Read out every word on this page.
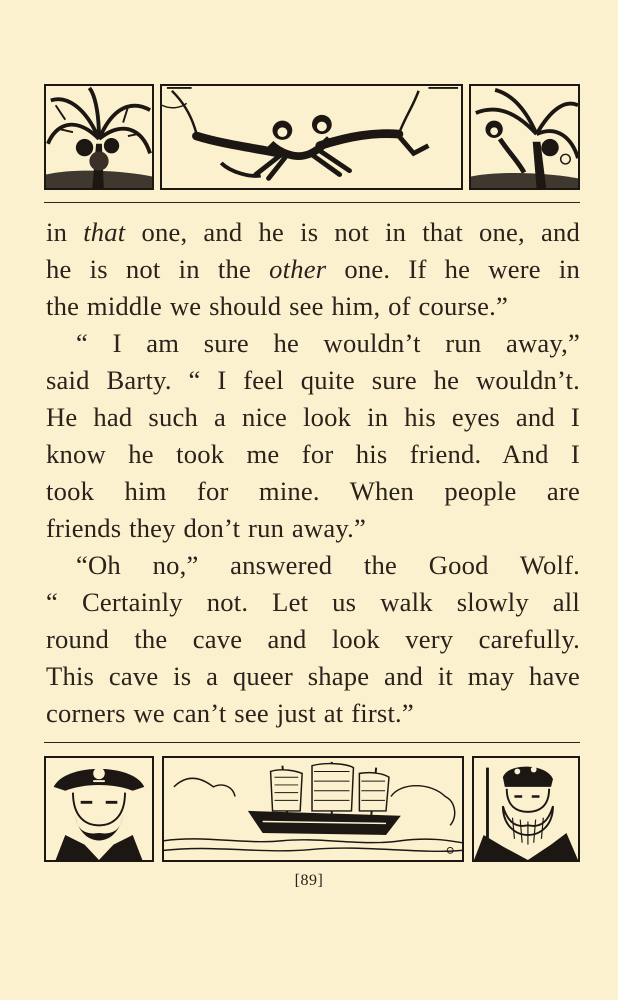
in that one, and he is not in that one, and
he is not in the other one. If he were in
the middle we should see him, of course.”

“ I am sure he wouldn’t run away,”
said Barty. “ I feel quite sure he wouldn’t.
He had such a nice look in his eyes and I
know he took me for his friend. And I
took him for mine. When people are
friends they don’t run away.”

“Oh no,” answered the Good Wolf.
“ Certainly not. Let us walk slowly all
round the cave and look very carefully.
This cave is a queer shape and it may have
corners we can’t see just at first.”

[89]
